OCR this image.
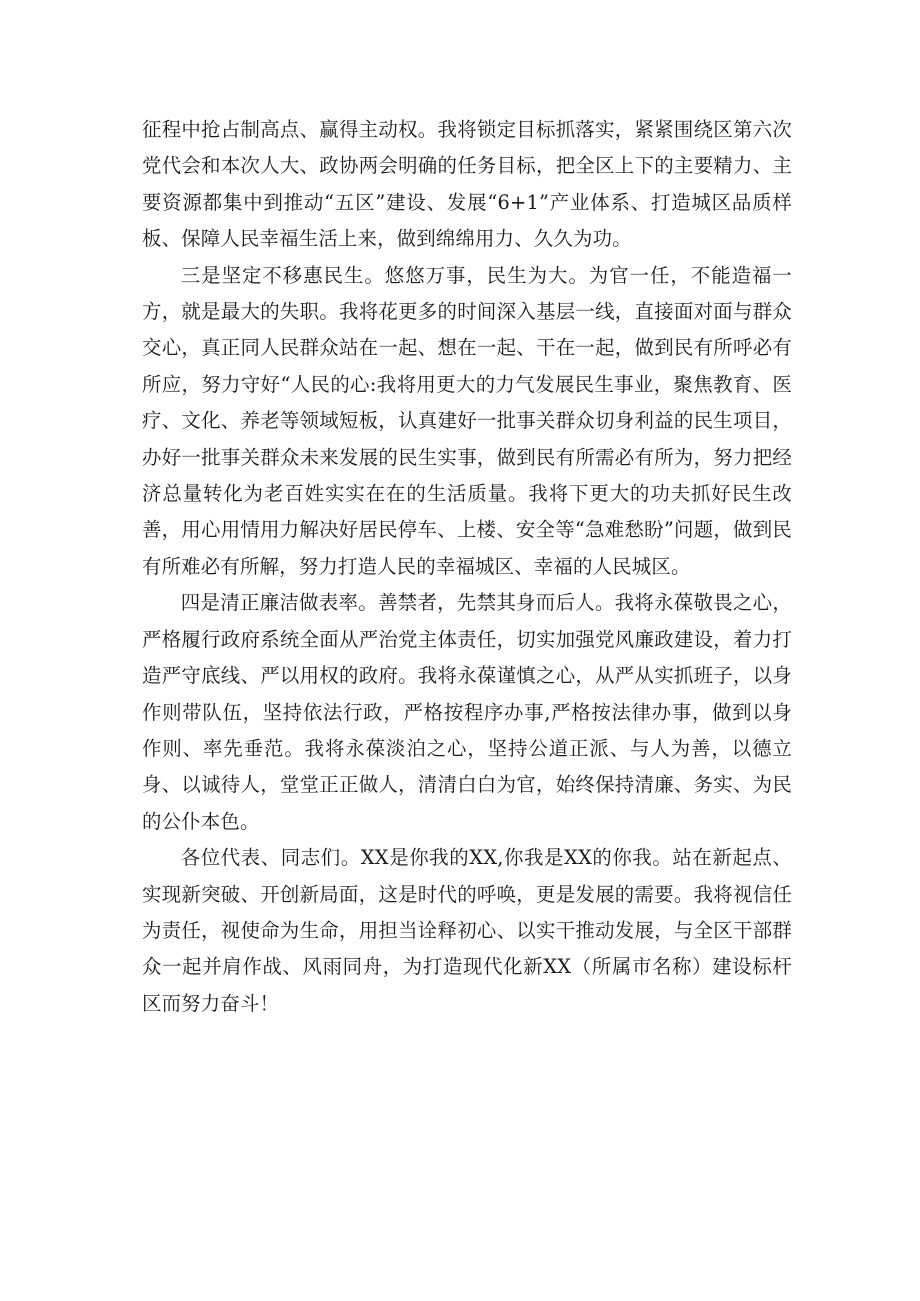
征程中抢占制高点、赢得主动权。我将锁定目标抓落实，紧紧围绕区第六次党代会和本次人大、政协两会明确的任务目标，把全区上下的主要精力、主要资源都集中到推动“五区”建设、发展“6+1”产业体系、打造城区品质样板、保障人民幸福生活上来，做到绵绵用力、久久为功。

三是坚定不移惠民生。悠悠万事，民生为大。为官一任，不能造福一方，就是最大的失职。我将花更多的时间深入基层一线，直接面对面与群众交心，真正同人民群众站在一起、想在一起、干在一起，做到民有所呼必有所应，努力守好“人民的心:我将用更大的力气发展民生事业，聚焦教育、医疗、文化、养老等领域短板，认真建好一批事关群众切身利益的民生项目，办好一批事关群众未来发展的民生实事，做到民有所需必有所为，努力把经济总量转化为老百姓实实在在的生活质量。我将下更大的功夫抓好民生改善，用心用情用力解决好居民停车、上楼、安全等“急难愁盼”问题，做到民有所难必有所解，努力打造人民的幸福城区、幸福的人民城区。

四是清正廉洁做表率。善禁者，先禁其身而后人。我将永葆敬畏之心，严格履行政府系统全面从严治党主体责任，切实加强党风廉政建设，着力打造严守底线、严以用权的政府。我将永葆谨慎之心，从严从实抓班子，以身作则带队伍，坚持依法行政，严格按程序办事,严格按法律办事，做到以身作则、率先垂范。我将永葆淡泊之心，坚持公道正派、与人为善，以德立身、以诚待人，堂堂正正做人，清清白白为官，始终保持清廉、务实、为民的公仆本色。

各位代表、同志们。XX是你我的XX,你我是XX的你我。站在新起点、实现新突破、开创新局面，这是时代的呼唤，更是发展的需要。我将视信任为责任，视使命为生命，用担当诠释初心、以实干推动发展，与全区干部群众一起并肩作战、风雨同舟，为打造现代化新XX（所属市名称）建设标杆区而努力奋斗！
